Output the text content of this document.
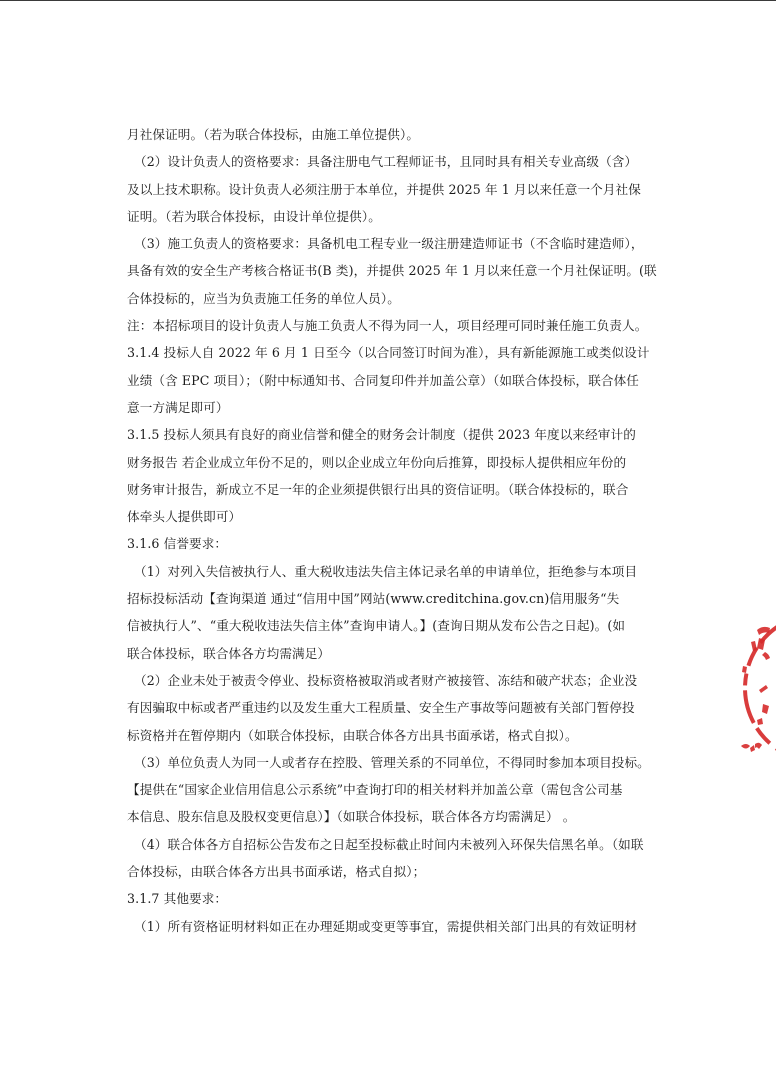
月社保证明。（若为联合体投标，由施工单位提供）。
（2）设计负责人的资格要求：具备注册电气工程师证书，且同时具有相关专业高级（含）
及以上技术职称。设计负责人必须注册于本单位，并提供 2025 年 1 月以来任意一个月社保
证明。（若为联合体投标，由设计单位提供）。
（3）施工负责人的资格要求：具备机电工程专业一级注册建造师证书（不含临时建造师），
具备有效的安全生产考核合格证书(B 类)，并提供 2025 年 1 月以来任意一个月社保证明。(联
合体投标的，应当为负责施工任务的单位人员）。
注：本招标项目的设计负责人与施工负责人不得为同一人，项目经理可同时兼任施工负责人。
3.1.4 投标人自 2022 年 6 月 1 日至今（以合同签订时间为准），具有新能源施工或类似设计
业绩（含 EPC 项目）；（附中标通知书、合同复印件并加盖公章）（如联合体投标，联合体任
意一方满足即可）
3.1.5 投标人须具有良好的商业信誉和健全的财务会计制度（提供 2023 年度以来经审计的
财务报告 若企业成立年份不足的，则以企业成立年份向后推算，即投标人提供相应年份的
财务审计报告，新成立不足一年的企业须提供银行出具的资信证明。（联合体投标的，联合
体牵头人提供即可）
3.1.6 信誉要求：
（1）对列入失信被执行人、重大税收违法失信主体记录名单的申请单位，拒绝参与本项目
招标投标活动【查询渠道 通过“信用中国”网站(www.creditchina.gov.cn)信用服务“失
信被执行人”、“重大税收违法失信主体”查询申请人。】(查询日期从发布公告之日起)。(如
联合体投标，联合体各方均需满足）
（2）企业未处于被责令停业、投标资格被取消或者财产被接管、冻结和破产状态；企业没
有因骗取中标或者严重违约以及发生重大工程质量、安全生产事故等问题被有关部门暂停投
标资格并在暂停期内（如联合体投标，由联合体各方出具书面承诺，格式自拟）。
（3）单位负责人为同一人或者存在控股、管理关系的不同单位，不得同时参加本项目投标。
【提供在“国家企业信用信息公示系统”中查询打印的相关材料并加盖公章（需包含公司基
本信息、股东信息及股权变更信息）】（如联合体投标，联合体各方均需满足） 。
（4）联合体各方自招标公告发布之日起至投标截止时间内未被列入环保失信黑名单。（如联
合体投标，由联合体各方出具书面承诺，格式自拟）；
3.1.7 其他要求：
（1）所有资格证明材料如正在办理延期或变更等事宜，需提供相关部门出具的有效证明材
